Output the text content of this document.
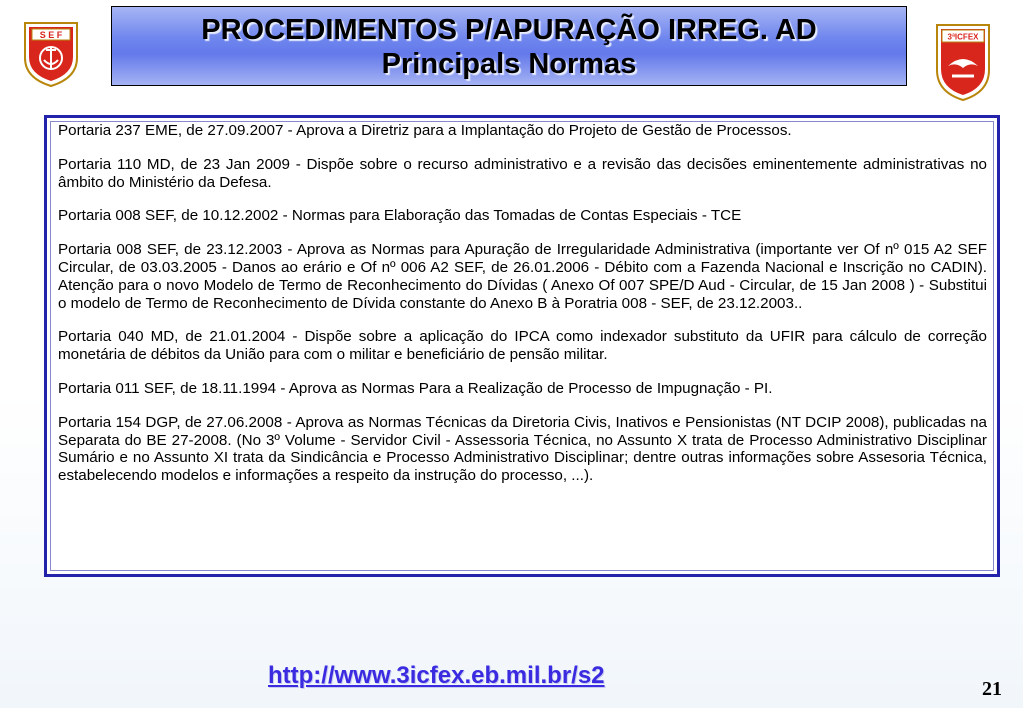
S E F	PROCEDIMENTOS P/APURAÇÃO IRREG. AD
Principals Normas
3ªICFEX

Portaria 237 EME, de 27.09.2007 - Aprova a Diretriz para a Implantação do Projeto de Gestão de Processos.

Portaria 110 MD, de 23 Jan 2009 - Dispõe sobre o recurso administrativo e a revisão das decisões eminentemente administrativas no âmbito do Ministério da Defesa.

Portaria 008 SEF, de 10.12.2002 - Normas para Elaboração das Tomadas de Contas Especiais - TCE

Portaria 008 SEF, de 23.12.2003 - Aprova as Normas para Apuração de Irregularidade Administrativa (importante ver Of nº 015 A2 SEF Circular, de 03.03.2005 - Danos ao erário e Of nº 006 A2 SEF, de 26.01.2006 - Débito com a Fazenda Nacional e Inscrição no CADIN). Atenção para o novo Modelo de Termo de Reconhecimento do Dívidas ( Anexo Of 007 SPE/D Aud - Circular, de 15 Jan 2008 ) - Substitui o modelo de Termo de Reconhecimento de Dívida constante do Anexo B à Poratria 008 - SEF, de 23.12.2003..

Portaria 040 MD, de 21.01.2004 - Dispõe sobre a aplicação do IPCA como indexador substituto da UFIR para cálculo de correção monetária de débitos da União para com o militar e beneficiário de pensão militar.

Portaria 011 SEF, de 18.11.1994 - Aprova as Normas Para a Realização de Processo de Impugnação - PI.

Portaria 154 DGP, de 27.06.2008 - Aprova as Normas Técnicas da Diretoria Civis, Inativos e Pensionistas (NT DCIP 2008), publicadas na Separata do BE 27-2008. (No 3º Volume - Servidor Civil - Assessoria Técnica, no Assunto X trata de Processo Administrativo Disciplinar Sumário e no Assunto XI trata da Sindicância e Processo Administrativo Disciplinar; dentre outras informações sobre Assesoria Técnica, estabelecendo modelos e informações a respeito da instrução do processo, ...).

http://www.3icfex.eb.mil.br/s2	21
